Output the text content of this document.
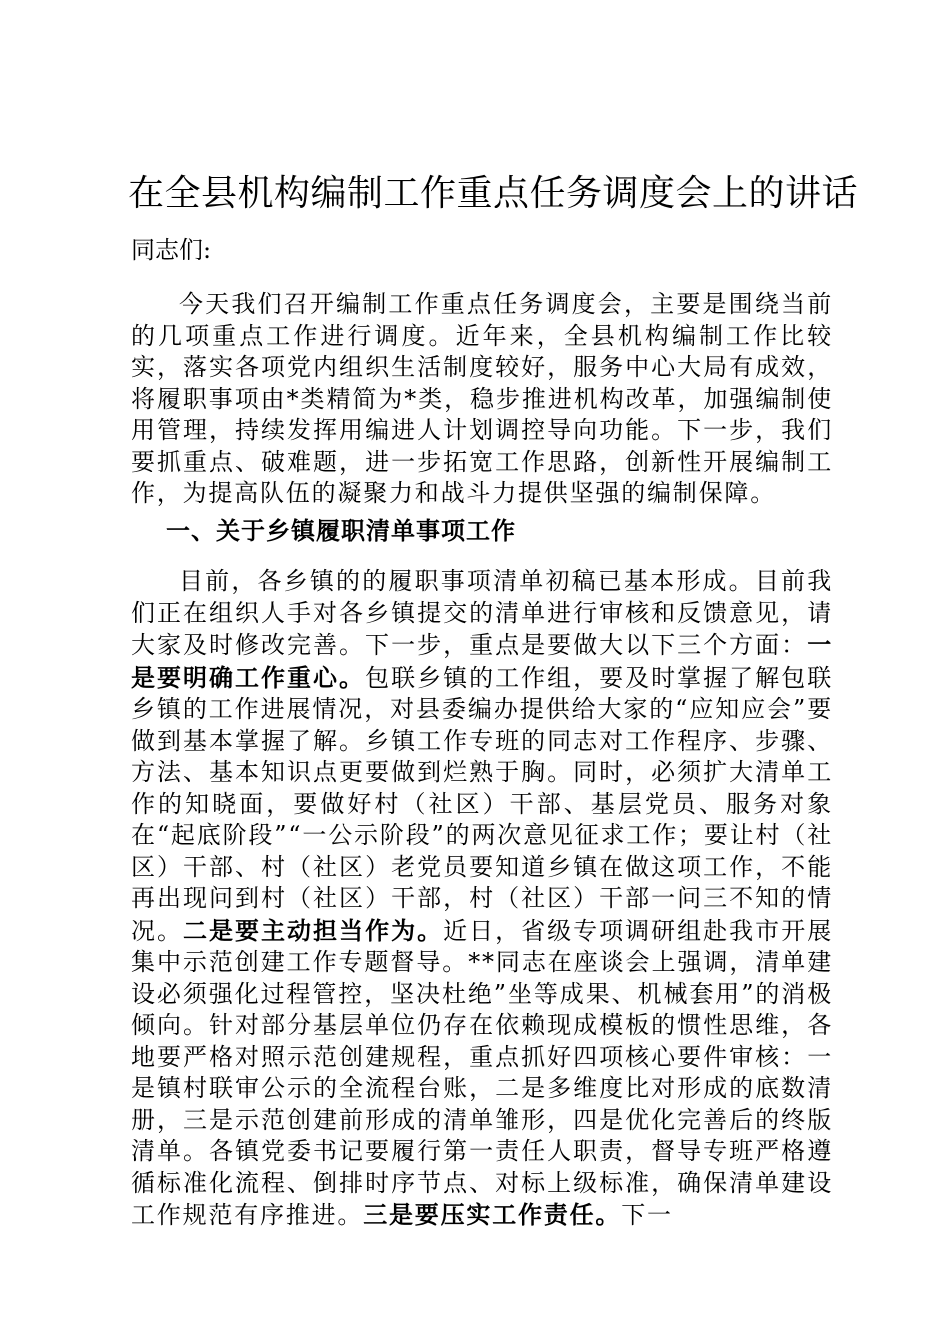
在全县机构编制工作重点任务调度会上的讲话

同志们:

今天我们召开编制工作重点任务调度会，主要是围绕当前的几项重点工作进行调度。近年来，全县机构编制工作比较实，落实各项党内组织生活制度较好，服务中心大局有成效，将履职事项由*类精简为*类，稳步推进机构改革，加强编制使用管理，持续发挥用编进人计划调控导向功能。下一步，我们要抓重点、破难题，进一步拓宽工作思路，创新性开展编制工作，为提高队伍的凝聚力和战斗力提供坚强的编制保障。

一、关于乡镇履职清单事项工作

目前，各乡镇的的履职事项清单初稿已基本形成。目前我们正在组织人手对各乡镇提交的清单进行审核和反馈意见，请大家及时修改完善。下一步，重点是要做大以下三个方面：一是要明确工作重心。包联乡镇的工作组，要及时掌握了解包联乡镇的工作进展情况，对县委编办提供给大家的“应知应会”要做到基本掌握了解。乡镇工作专班的同志对工作程序、步骤、方法、基本知识点更要做到烂熟于胸。同时，必须扩大清单工作的知晓面，要做好村（社区）干部、基层党员、服务对象在“起底阶段”“一公示阶段”的两次意见征求工作；要让村（社区）干部、村（社区）老党员要知道乡镇在做这项工作，不能再出现问到村（社区）干部，村（社区）干部一问三不知的情况。二是要主动担当作为。近日，省级专项调研组赴我市开展集中示范创建工作专题督导。**同志在座谈会上强调，清单建设必须强化过程管控，坚决杜绝”坐等成果、机械套用”的消极倾向。针对部分基层单位仍存在依赖现成模板的惯性思维，各地要严格对照示范创建规程，重点抓好四项核心要件审核：一是镇村联审公示的全流程台账，二是多维度比对形成的底数清册，三是示范创建前形成的清单雏形，四是优化完善后的终版清单。各镇党委书记要履行第一责任人职责，督导专班严格遵循标准化流程、倒排时序节点、对标上级标准，确保清单建设工作规范有序推进。三是要压实工作责任。下一
